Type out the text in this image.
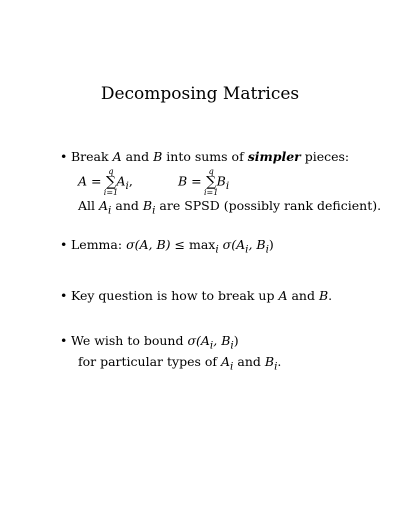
Decomposing Matrices
• Break A and B into sums of simpler pieces:
A =
q
∑
i=1
$A_i$,	B =
q
∑
i=1
$B_i$
All $A_i$ and $B_i$ are SPSD (possibly rank deficient).
• Lemma: σ(A, $B) \le \max_i \sigma(A_i$, $B_i$)
• Key question is how to break up A and B.
• We wish to bound $\sigma(A_i$, $B_i$)
for particular types of $A_i$ and $B_i$.
